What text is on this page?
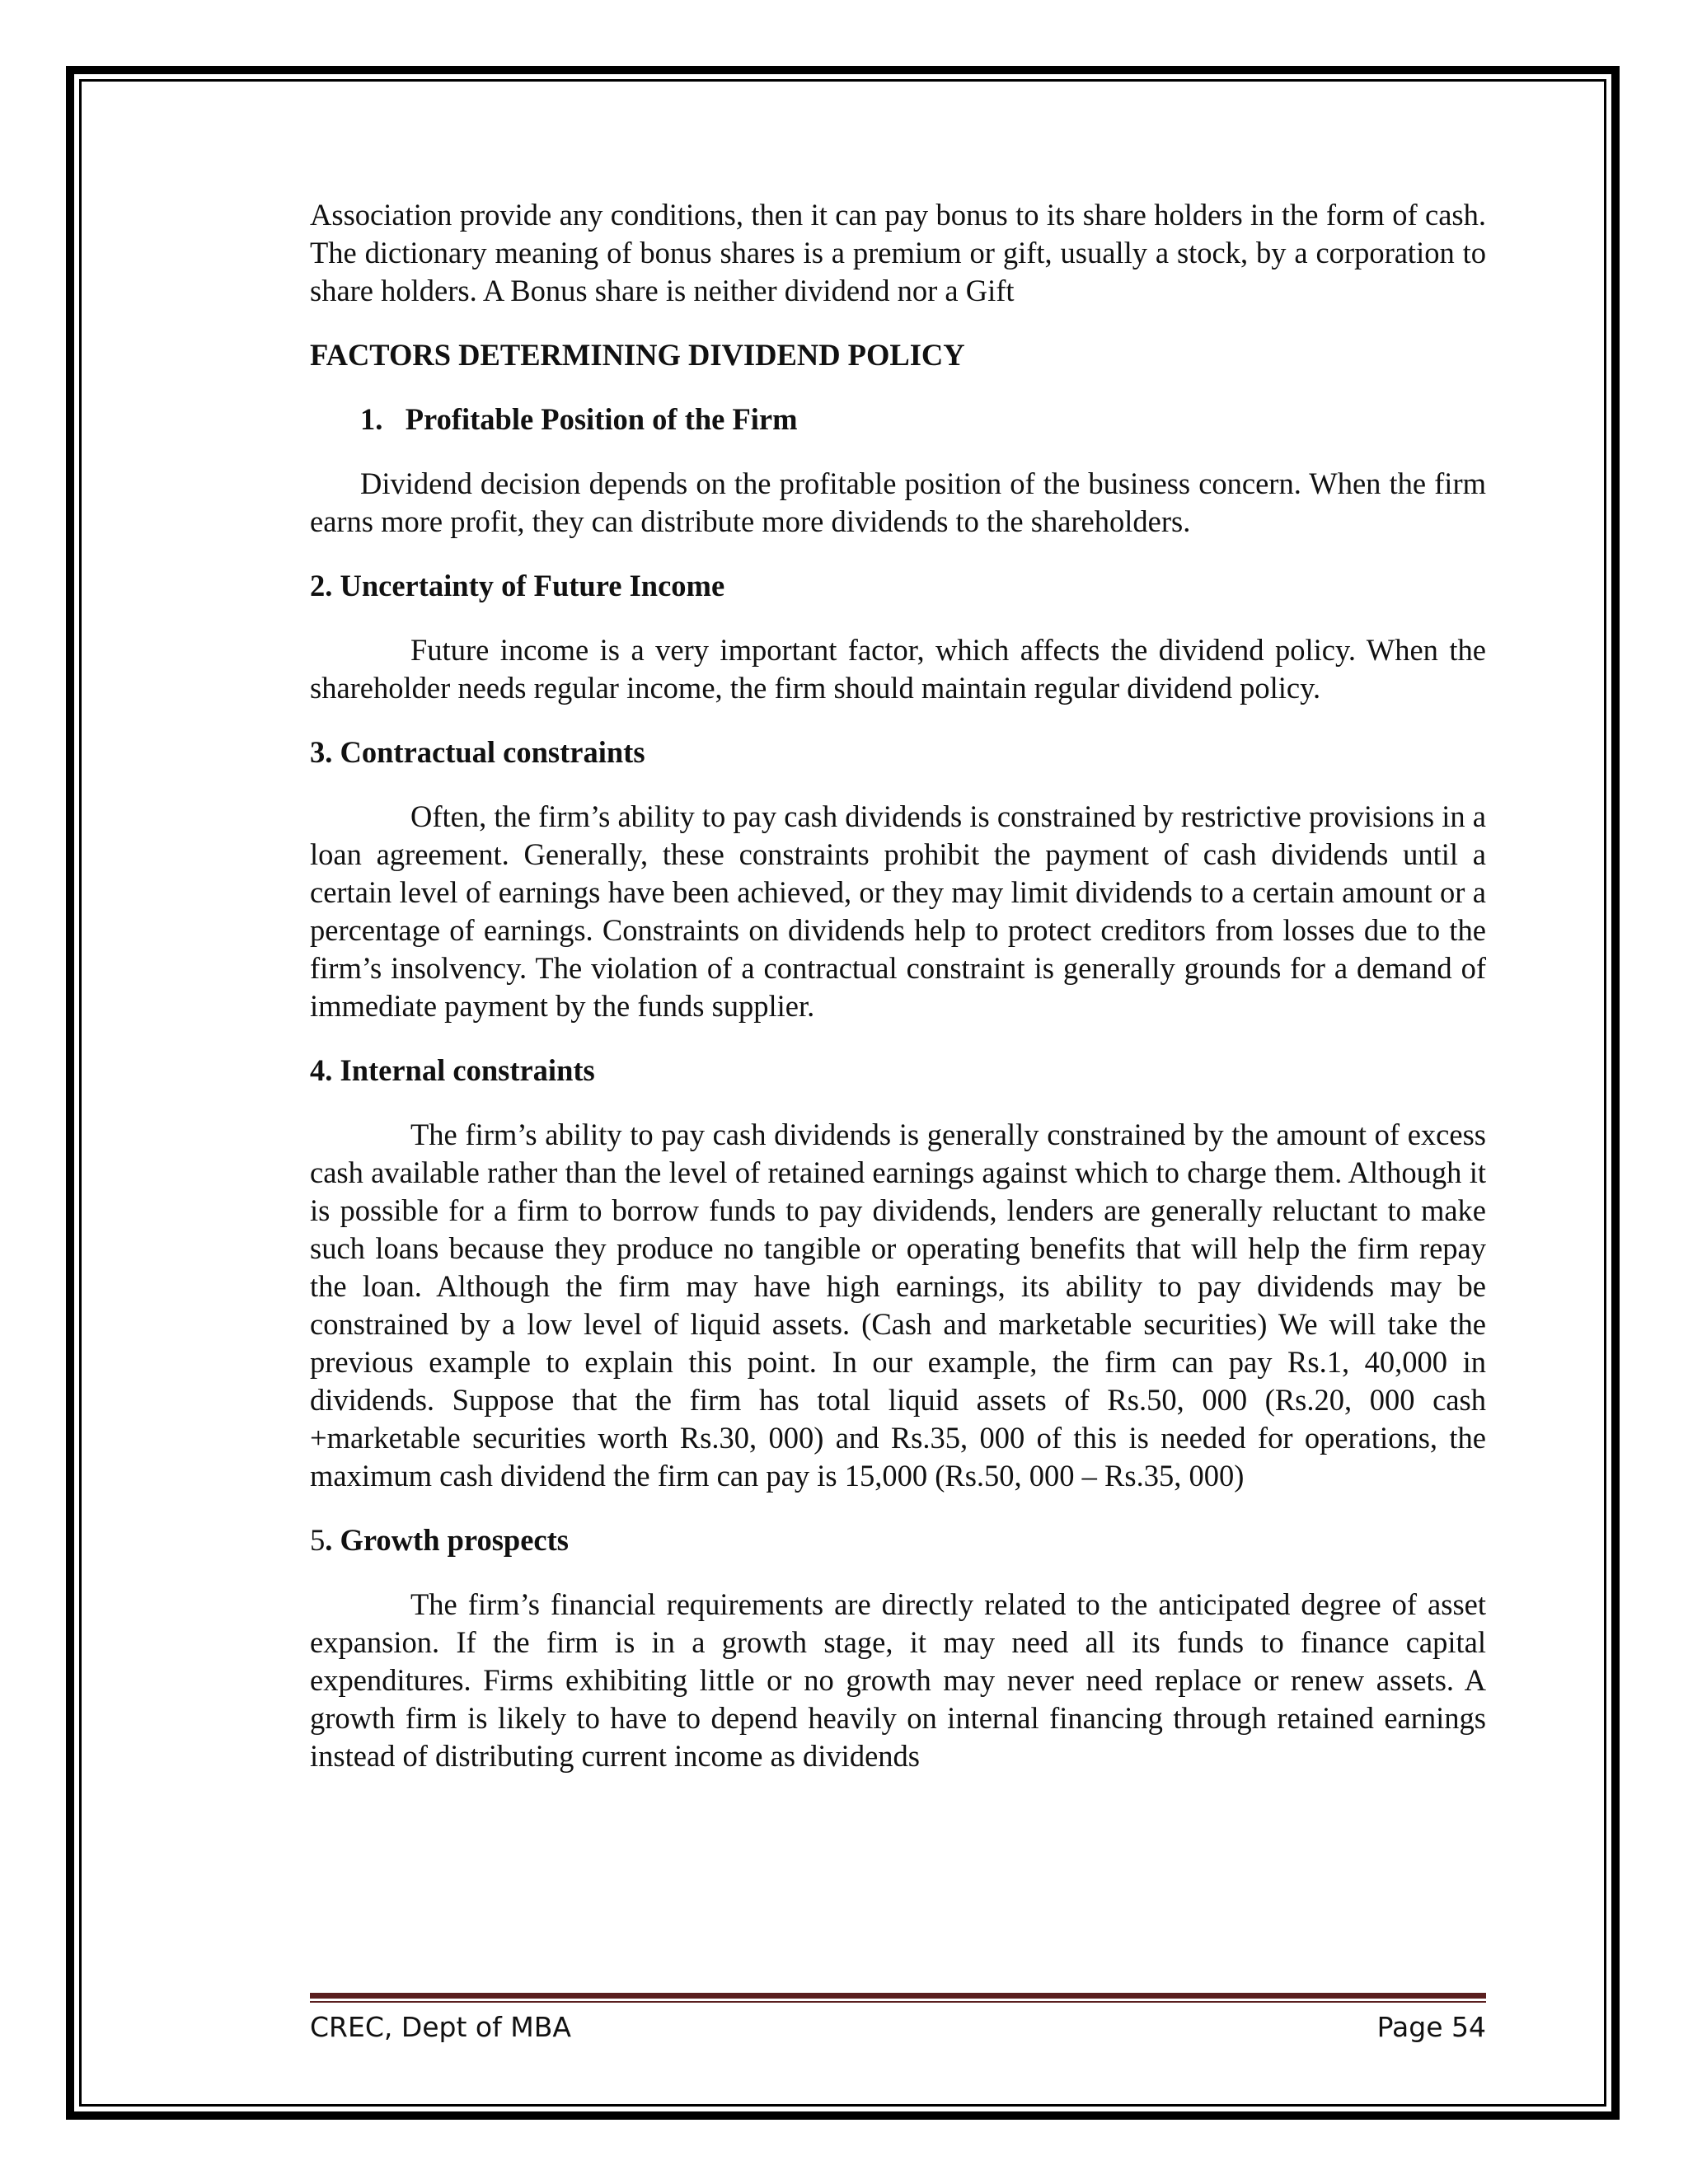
Association provide any conditions, then it can pay bonus to its share holders in the form of cash. The dictionary meaning of bonus shares is a premium or gift, usually a stock, by a corporation to share holders. A Bonus share is neither dividend nor a Gift

FACTORS DETERMINING DIVIDEND POLICY
1. Profitable Position of the Firm

Dividend decision depends on the profitable position of the business concern. When the firm earns more profit, they can distribute more dividends to the shareholders.

2. Uncertainty of Future Income

Future income is a very important factor, which affects the dividend policy. When the shareholder needs regular income, the firm should maintain regular dividend policy.

3. Contractual constraints

Often, the firm’s ability to pay cash dividends is constrained by restrictive provisions in a loan agreement. Generally, these constraints prohibit the payment of cash dividends until a certain level of earnings have been achieved, or they may limit dividends to a certain amount or a percentage of earnings. Constraints on dividends help to protect creditors from losses due to the firm’s insolvency. The violation of a contractual constraint is generally grounds for a demand of immediate payment by the funds supplier.

4. Internal constraints

The firm’s ability to pay cash dividends is generally constrained by the amount of excess cash available rather than the level of retained earnings against which to charge them. Although it is possible for a firm to borrow funds to pay dividends, lenders are generally reluctant to make such loans because they produce no tangible or operating benefits that will help the firm repay the loan. Although the firm may have high earnings, its ability to pay dividends may be constrained by a low level of liquid assets. (Cash and marketable securities) We will take the previous example to explain this point. In our example, the firm can pay Rs.1, 40,000 in dividends. Suppose that the firm has total liquid assets of Rs.50, 000 (Rs.20, 000 cash +marketable securities worth Rs.30, 000) and Rs.35, 000 of this is needed for operations, the maximum cash dividend the firm can pay is 15,000 (Rs.50, 000 – Rs.35, 000)

5. Growth prospects

The firm’s financial requirements are directly related to the anticipated degree of asset expansion. If the firm is in a growth stage, it may need all its funds to finance capital expenditures. Firms exhibiting little or no growth may never need replace or renew assets. A growth firm is likely to have to depend heavily on internal financing through retained earnings instead of distributing current income as dividends

CREC, Dept of MBA	Page 54
